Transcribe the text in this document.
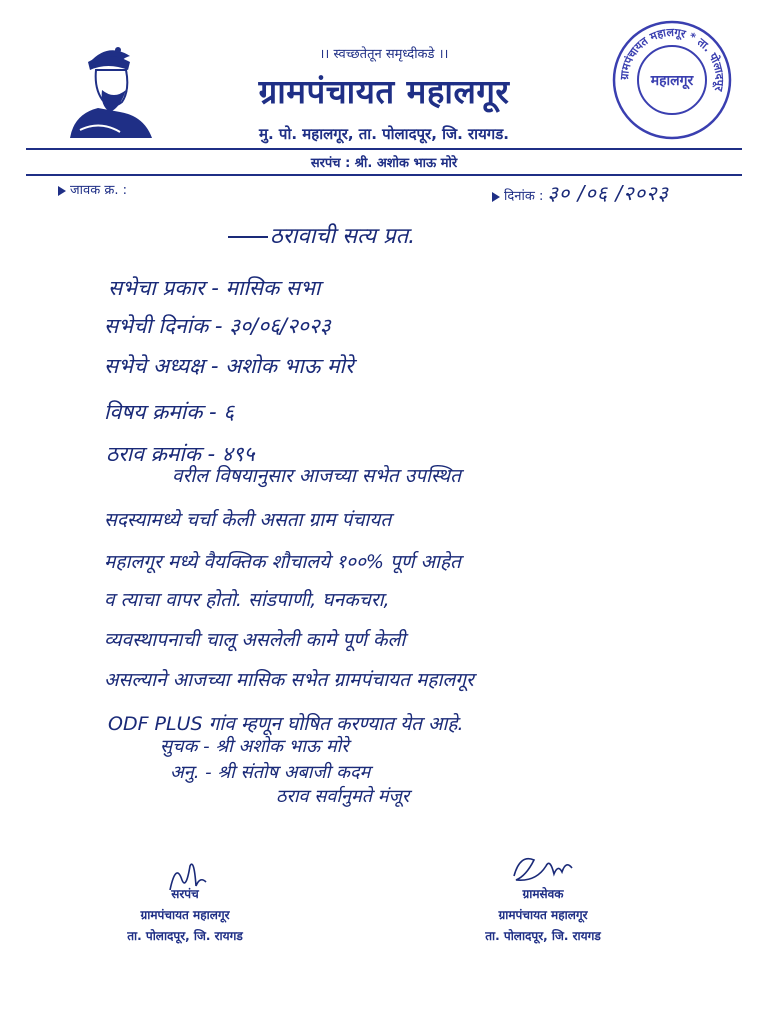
।। स्वच्छतेतून समृध्दीकडे ।।
ग्रामपंचायत महालगूर
मु. पो. महालगूर, ता. पोलादपूर, जि. रायगड.
सरपंच : श्री. अशोक भाऊ मोरे
ग्रामपंचायत महालगूर * ता. पोलादपूर
महालगूर
जावक क्र. :	दिनांक : ३० /०६ /२०२३
ठरावाची सत्य प्रत.
सभेचा प्रकार - मासिक सभा
सभेची दिनांक - ३०/०६/२०२३
सभेचे अध्यक्ष - अशोक भाऊ मोरे
विषय क्रमांक - ६
ठराव क्रमांक - ४९५
वरील विषयानुसार आजच्या सभेत उपस्थित
सदस्यामध्ये चर्चा केली असता ग्राम पंचायत
महालगूर मध्ये वैयक्तिक शौचालये १००% पूर्ण आहेत
व त्याचा वापर होतो. सांडपाणी, घनकचरा,
व्यवस्थापनाची चालू असलेली कामे पूर्ण केली
असल्याने आजच्या मासिक सभेत ग्रामपंचायत महालगूर
ODF PLUS गांव म्हणून घोषित करण्यात येत आहे.
सुचक - श्री अशोक भाऊ मोरे
अनु. - श्री संतोष अबाजी कदम
ठराव सर्वानुमते मंजूर
सरपंच
ग्रामपंचायत महालगूर
ता. पोलादपूर, जि. रायगड
ग्रामसेवक
ग्रामपंचायत महालगूर
ता. पोलादपूर, जि. रायगड
